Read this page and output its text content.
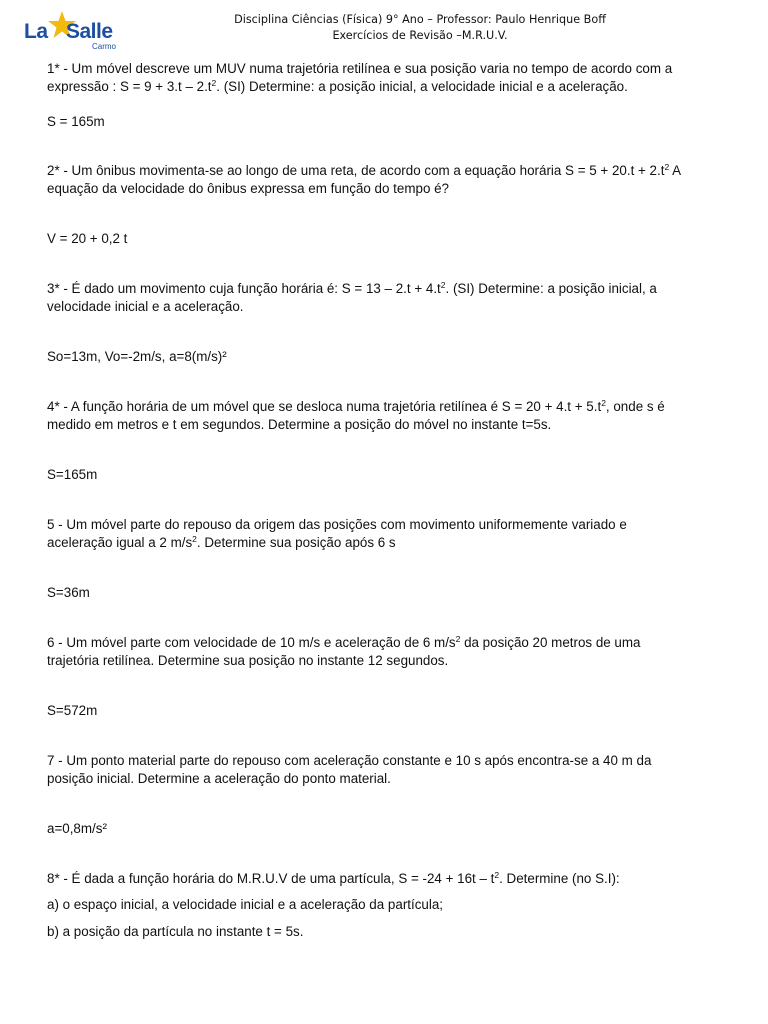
La Salle
Carmo
Disciplina Ciências (Física) 9° Ano – Professor: Paulo Henrique Boff
Exercícios de Revisão –M.R.U.V.

1* - Um móvel descreve um MUV numa trajetória retilínea e sua posição varia no tempo de acordo com a

expressão : $S = 9 + 3.t - 2.t^2$. (SI) Determine: a posição inicial, a velocidade inicial e a aceleração.

S = 165m

2* - Um ônibus movimenta-se ao longo de uma reta, de acordo com a equação horária $S = 5 + 20.t + 2.t^2$ A

equação da velocidade do ônibus expressa em função do tempo é?

V = 20 + 0,2 t

3* - É dado um movimento cuja função horária é: $S = 13 - 2.t + 4.t^2$. (SI) Determine: a posição inicial, a

velocidade inicial e a aceleração.

So=13m, Vo=-2m/s, a=8(m/s)²

4* - A função horária de um móvel que se desloca numa trajetória retilínea é $S = 20 + 4.t + 5.t^2$, onde s é

medido em metros e t em segundos. Determine a posição do móvel no instante t=5s.

S=165m

5 - Um móvel parte do repouso da origem das posições com movimento uniformemente variado e

aceleração igual a 2 $m/s^2$. Determine sua posição após 6 s

S=36m

6 - Um móvel parte com velocidade de 10 m/s e aceleração de 6 $m/s^2$ da posição 20 metros de uma

trajetória retilínea. Determine sua posição no instante 12 segundos.

S=572m

7 - Um ponto material parte do repouso com aceleração constante e 10 s após encontra-se a 40 m da

posição inicial. Determine a aceleração do ponto material.

a=0,8m/s²

8* - É dada a função horária do M.R.U.V de uma partícula, $S = -24 + 16t - t^2$. Determine (no S.I):

a) o espaço inicial, a velocidade inicial e a aceleração da partícula;

b) a posição da partícula no instante t = 5s.
